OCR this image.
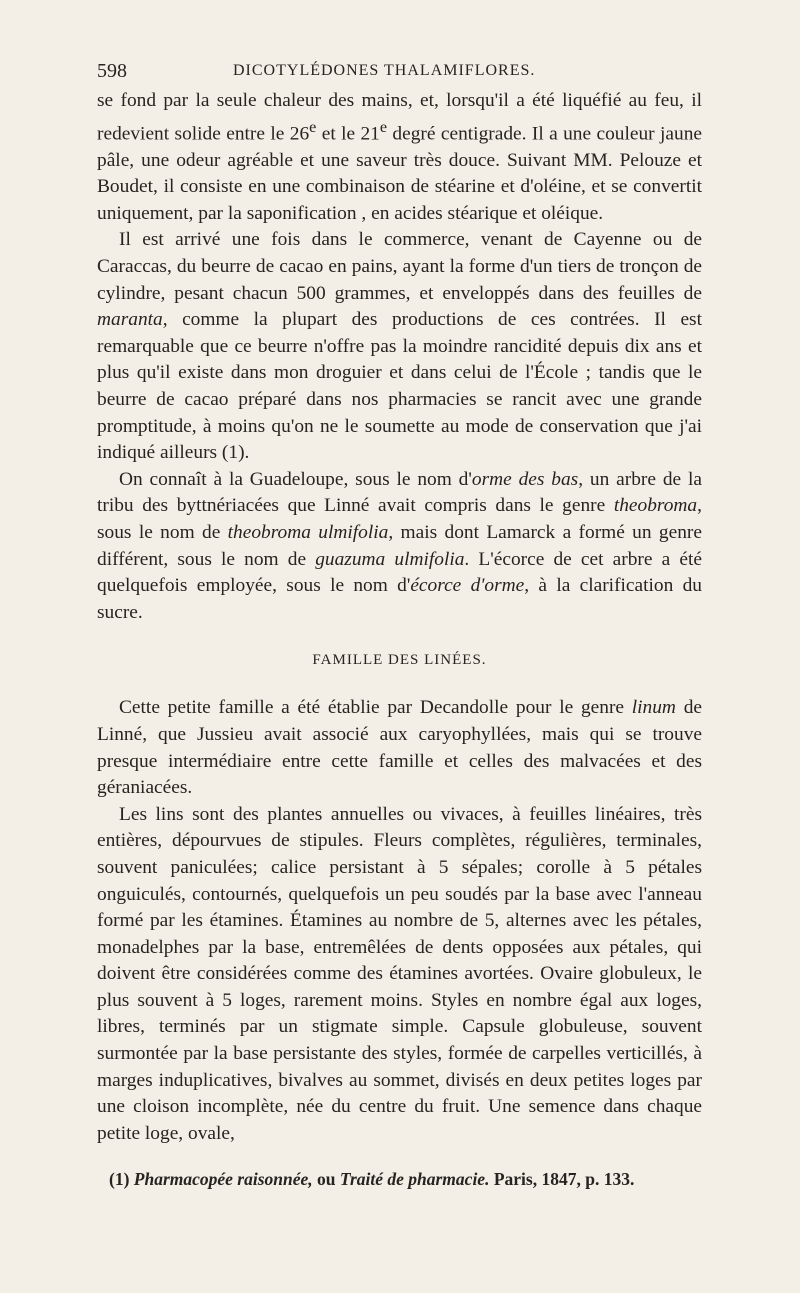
598	DICOTYLÉDONES THALAMIFLORES.

se fond par la seule chaleur des mains, et, lorsqu'il a été liquéfié au feu, il redevient solide entre le 26e et le 21e degré centigrade. Il a une couleur jaune pâle, une odeur agréable et une saveur très douce. Suivant MM. Pelouze et Boudet, il consiste en une combinaison de stéarine et d'oléine, et se convertit uniquement, par la saponification , en acides stéarique et oléique.

Il est arrivé une fois dans le commerce, venant de Cayenne ou de Caraccas, du beurre de cacao en pains, ayant la forme d'un tiers de tronçon de cylindre, pesant chacun 500 grammes, et enveloppés dans des feuilles de maranta, comme la plupart des productions de ces contrées. Il est remarquable que ce beurre n'offre pas la moindre rancidité depuis dix ans et plus qu'il existe dans mon droguier et dans celui de l'École ; tandis que le beurre de cacao préparé dans nos pharmacies se rancit avec une grande promptitude, à moins qu'on ne le soumette au mode de conservation que j'ai indiqué ailleurs (1).

On connaît à la Guadeloupe, sous le nom d'orme des bas, un arbre de la tribu des byttnériacées que Linné avait compris dans le genre theobroma, sous le nom de theobroma ulmifolia, mais dont Lamarck a formé un genre différent, sous le nom de guazuma ulmifolia. L'écorce de cet arbre a été quelquefois employée, sous le nom d'écorce d'orme, à la clarification du sucre.

FAMILLE DES LINÉES.

Cette petite famille a été établie par Decandolle pour le genre linum de Linné, que Jussieu avait associé aux caryophyllées, mais qui se trouve presque intermédiaire entre cette famille et celles des malvacées et des géraniacées.

Les lins sont des plantes annuelles ou vivaces, à feuilles linéaires, très entières, dépourvues de stipules. Fleurs complètes, régulières, terminales, souvent paniculées; calice persistant à 5 sépales; corolle à 5 pétales onguiculés, contournés, quelquefois un peu soudés par la base avec l'anneau formé par les étamines. Étamines au nombre de 5, alternes avec les pétales, monadelphes par la base, entremêlées de dents opposées aux pétales, qui doivent être considérées comme des étamines avortées. Ovaire globuleux, le plus souvent à 5 loges, rarement moins. Styles en nombre égal aux loges, libres, terminés par un stigmate simple. Capsule globuleuse, souvent surmontée par la base persistante des styles, formée de carpelles verticillés, à marges induplicatives, bivalves au sommet, divisés en deux petites loges par une cloison incomplète, née du centre du fruit. Une semence dans chaque petite loge, ovale,

(1) Pharmacopée raisonnée, ou Traité de pharmacie. Paris, 1847, p. 133.
